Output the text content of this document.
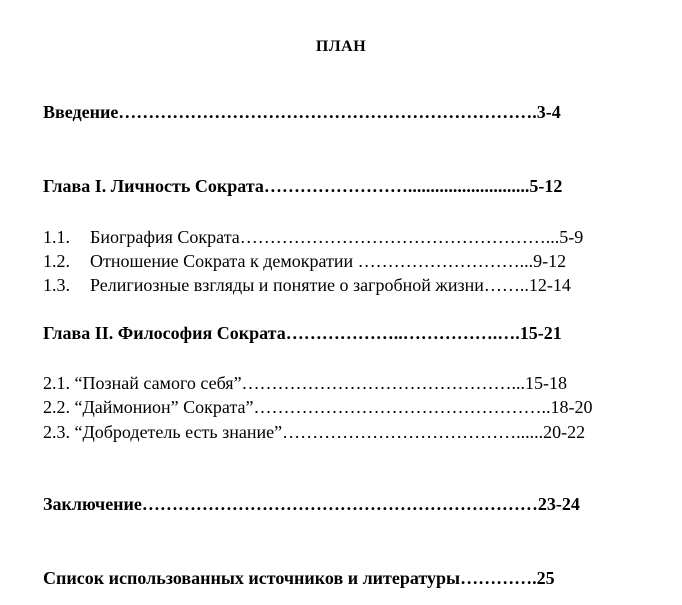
ПЛАН
Введение…………………………………………………………….3-4
Глава I. Личность Сократа……………………...........................5-12
1.1. Биография Сократа……………………………………………...5-9
1.2. Отношение Сократа к демократии ………………………...9-12
1.3. Религиозные взгляды и понятие о загробной жизни……..12-14
Глава II. Философия Сократа………………..…………….….15-21
2.1. “Познай самого себя”………………………………………...15-18
2.2. “Даймонион” Сократа”…………………………………………..18-20
2.3. “Добродетель есть знание”…………………………………......20-22
Заключение…………………………………………………………23-24
Список использованных источников и литературы………….25
